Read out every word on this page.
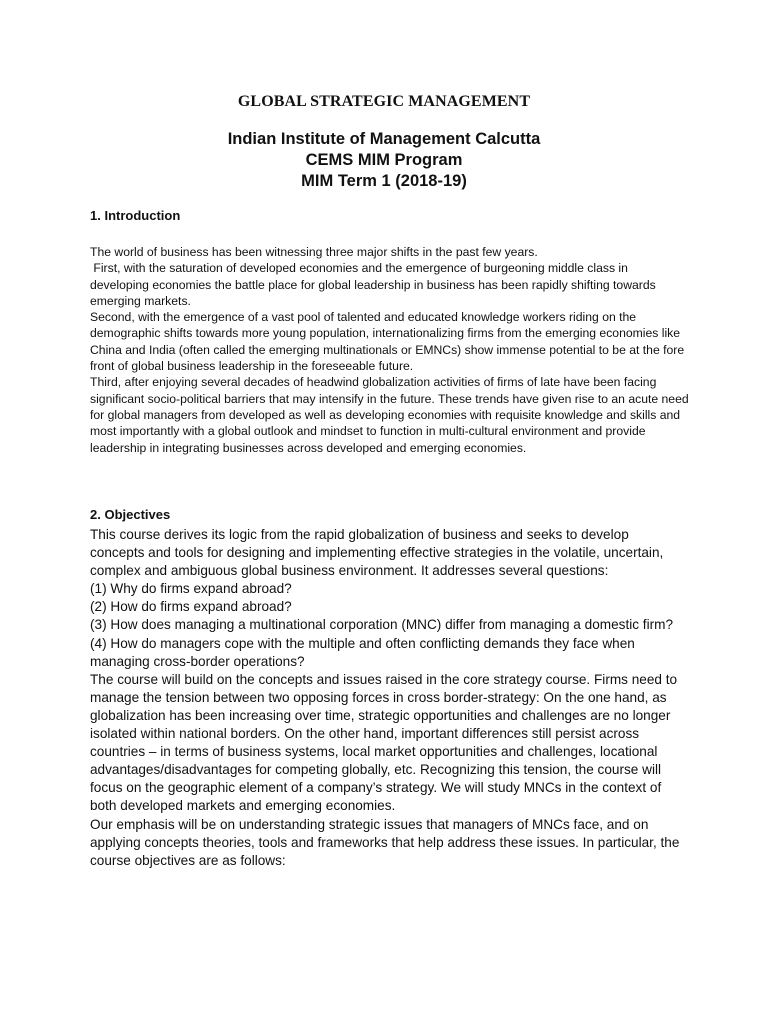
GLOBAL STRATEGIC MANAGEMENT
Indian Institute of Management Calcutta
CEMS MIM Program
MIM Term 1 (2018-19)
1. Introduction

The world of business has been witnessing three major shifts in the past few years.

First, with the saturation of developed economies and the emergence of burgeoning middle class in developing economies the battle place for global leadership in business has been rapidly shifting towards emerging markets.

Second, with the emergence of a vast pool of talented and educated knowledge workers riding on the demographic shifts towards more young population, internationalizing firms from the emerging economies like China and India (often called the emerging multinationals or EMNCs) show immense potential to be at the fore front of global business leadership in the foreseeable future.

Third, after enjoying several decades of headwind globalization activities of firms of late have been facing significant socio-political barriers that may intensify in the future. These trends have given rise to an acute need for global managers from developed as well as developing economies with requisite knowledge and skills and most importantly with a global outlook and mindset to function in multi-cultural environment and provide leadership in integrating businesses across developed and emerging economies.

2. Objectives

This course derives its logic from the rapid globalization of business and seeks to develop concepts and tools for designing and implementing effective strategies in the volatile, uncertain, complex and ambiguous global business environment. It addresses several questions:

(1) Why do firms expand abroad?

(2) How do firms expand abroad?

(3) How does managing a multinational corporation (MNC) differ from managing a domestic firm?

(4) How do managers cope with the multiple and often conflicting demands they face when managing cross-border operations?

The course will build on the concepts and issues raised in the core strategy course. Firms need to manage the tension between two opposing forces in cross border-strategy: On the one hand, as globalization has been increasing over time, strategic opportunities and challenges are no longer isolated within national borders. On the other hand, important differences still persist across countries – in terms of business systems, local market opportunities and challenges, locational advantages/disadvantages for competing globally, etc. Recognizing this tension, the course will focus on the geographic element of a company’s strategy. We will study MNCs in the context of both developed markets and emerging economies.

Our emphasis will be on understanding strategic issues that managers of MNCs face, and on applying concepts theories, tools and frameworks that help address these issues. In particular, the course objectives are as follows:
